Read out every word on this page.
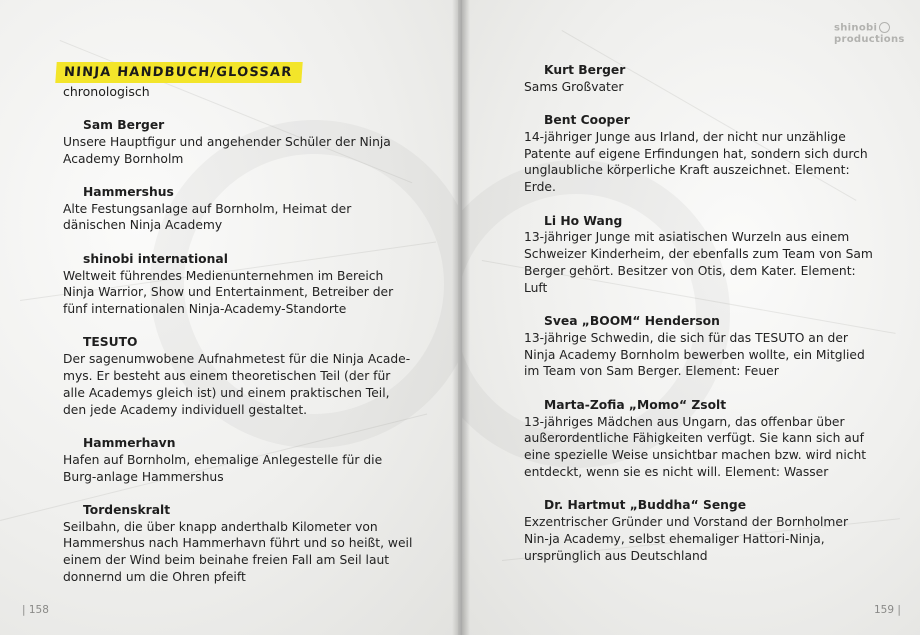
shinobi
productions
NINJA HANDBUCH/GLOSSAR
chronologisch
Sam Berger
Unsere Hauptfigur und angehender Schüler der Ninja Academy Bornholm
Hammershus
Alte Festungsanlage auf Bornholm, Heimat der dänischen Ninja Academy
shinobi international
Weltweit führendes Medienunternehmen im Bereich Ninja Warrior, Show und Entertainment, Betreiber der fünf internationalen Ninja-Academy-Standorte
TESUTO
Der sagenumwobene Aufnahmetest für die Ninja Acade-mys. Er besteht aus einem theoretischen Teil (der für alle Academys gleich ist) und einem praktischen Teil, den jede Academy individuell gestaltet.
Hammerhavn
Hafen auf Bornholm, ehemalige Anlegestelle für die Burg-anlage Hammershus
Tordenskralt
Seilbahn, die über knapp anderthalb Kilometer von Hammershus nach Hammerhavn führt und so heißt, weil einem der Wind beim beinahe freien Fall am Seil laut donnernd um die Ohren pfeift
Kurt Berger
Sams Großvater
Bent Cooper
14-jähriger Junge aus Irland, der nicht nur unzählige Patente auf eigene Erfindungen hat, sondern sich durch unglaubliche körperliche Kraft auszeichnet. Element: Erde.
Li Ho Wang
13-jähriger Junge mit asiatischen Wurzeln aus einem Schweizer Kinderheim, der ebenfalls zum Team von Sam Berger gehört. Besitzer von Otis, dem Kater. Element: Luft
Svea „BOOM“ Henderson
13-jährige Schwedin, die sich für das TESUTO an der Ninja Academy Bornholm bewerben wollte, ein Mitglied im Team von Sam Berger. Element: Feuer
Marta-Zofia „Momo“ Zsolt
13-jähriges Mädchen aus Ungarn, das offenbar über außerordentliche Fähigkeiten verfügt. Sie kann sich auf eine spezielle Weise unsichtbar machen bzw. wird nicht entdeckt, wenn sie es nicht will. Element: Wasser
Dr. Hartmut „Buddha“ Senge
Exzentrischer Gründer und Vorstand der Bornholmer Nin-ja Academy, selbst ehemaliger Hattori-Ninja, ursprünglich aus Deutschland
| 158	159 |
